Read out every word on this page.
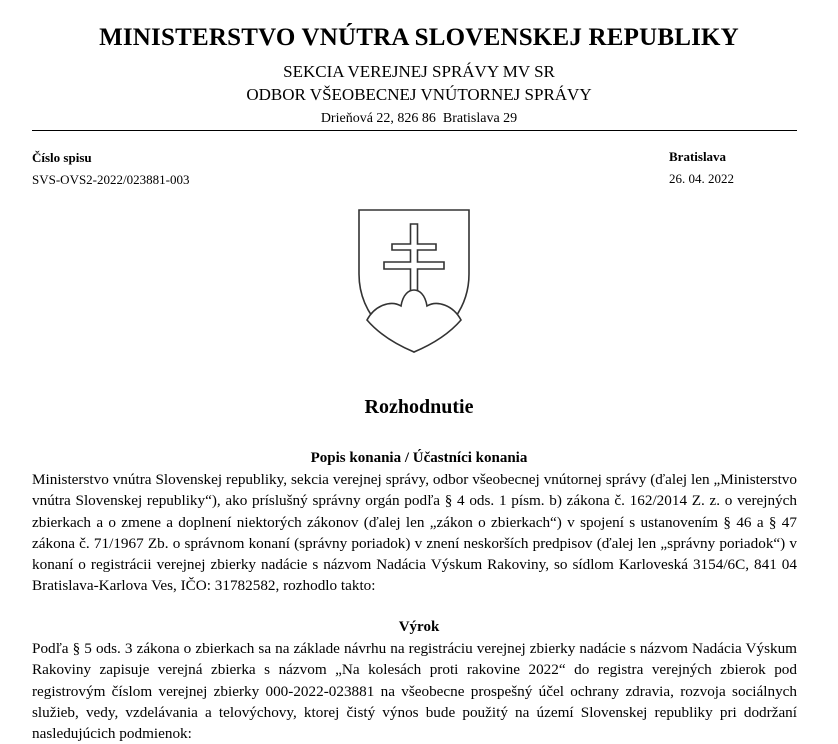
MINISTERSTVO VNÚTRA SLOVENSKEJ REPUBLIKY
SEKCIA VEREJNEJ SPRÁVY MV SR
ODBOR VŠEOBECNEJ VNÚTORNEJ SPRÁVY
Drieňová 22, 826 86  Bratislava 29
Číslo spisu
SVS-OVS2-2022/023881-003
Bratislava
26. 04. 2022
Rozhodnutie
Popis konania / Účastníci konania
Ministerstvo vnútra Slovenskej republiky, sekcia verejnej správy, odbor všeobecnej vnútornej správy (ďalej len „Ministerstvo vnútra Slovenskej republiky“), ako príslušný správny orgán podľa § 4 ods. 1 písm. b) zákona č. 162/2014 Z. z. o verejných zbierkach a o zmene a doplnení niektorých zákonov (ďalej len „zákon o zbierkach“) v spojení s ustanovením § 46 a § 47 zákona č. 71/1967 Zb. o správnom konaní (správny poriadok) v znení neskorších predpisov (ďalej len „správny poriadok“) v konaní o registrácii verejnej zbierky nadácie s názvom Nadácia Výskum Rakoviny, so sídlom Karloveská 3154/6C, 841 04 Bratislava-Karlova Ves, IČO: 31782582, rozhodlo takto:
Výrok
Podľa § 5 ods. 3 zákona o zbierkach sa na základe návrhu na registráciu verejnej zbierky nadácie s názvom Nadácia Výskum Rakoviny zapisuje verejná zbierka s názvom „Na kolesách proti rakovine 2022“ do registra verejných zbierok pod registrovým číslom verejnej zbierky 000-2022-023881 na všeobecne prospešný účel ochrany zdravia, rozvoja sociálnych služieb, vedy, vzdelávania a telovýchovy, ktorej čistý výnos bude použitý na území Slovenskej republiky pri dodržaní nasledujúcich podmienok:
